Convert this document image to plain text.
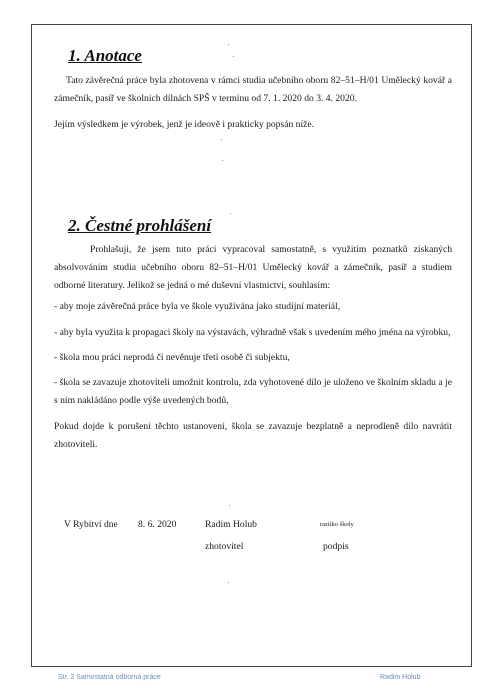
1. Anotace

Tato závěrečná práce byla zhotovena v rámci studia učebního oboru 82–51–H/01 Umělecký kovář a zámečník, pasíř ve školních dílnách SPŠ v termínu od 7. 1. 2020 do 3. 4. 2020.

Jejím výsledkem je výrobek, jenž je ideově i prakticky popsán níže.

2. Čestné prohlášení

Prohlašuji, že jsem tuto práci vypracoval samostatně, s využitím poznatků získaných absolvováním studia učebního oboru 82–51–H/01 Umělecký kovář a zámečník, pasíř a studiem odborné literatury. Jelikož se jedná o mé duševní vlastnictví, souhlasím:

- aby moje závěrečná práce byla ve škole využívána jako studijní materiál,

- aby byla využita k propagaci školy na výstavách, výhradně však s uvedením mého jména na výrobku,

- škola mou práci neprodá či nevěnuje třetí osobě či subjektu,

- škola se zavazuje zhotoviteli umožnit kontrolu, zda vyhotovené dílo je uloženo ve školním skladu a je s ním nakládáno podle výše uvedených bodů,

Pokud dojde k porušení těchto ustanovení, škola se zavazuje bezplatně a neprodleně dílo navrátit zhotoviteli.

V Rybitví dne 8. 6. 2020	Radim Holub	razítko školy
zhotovitel	podpis
Str. 2 Samostatná odborná práce	Radim Holub
